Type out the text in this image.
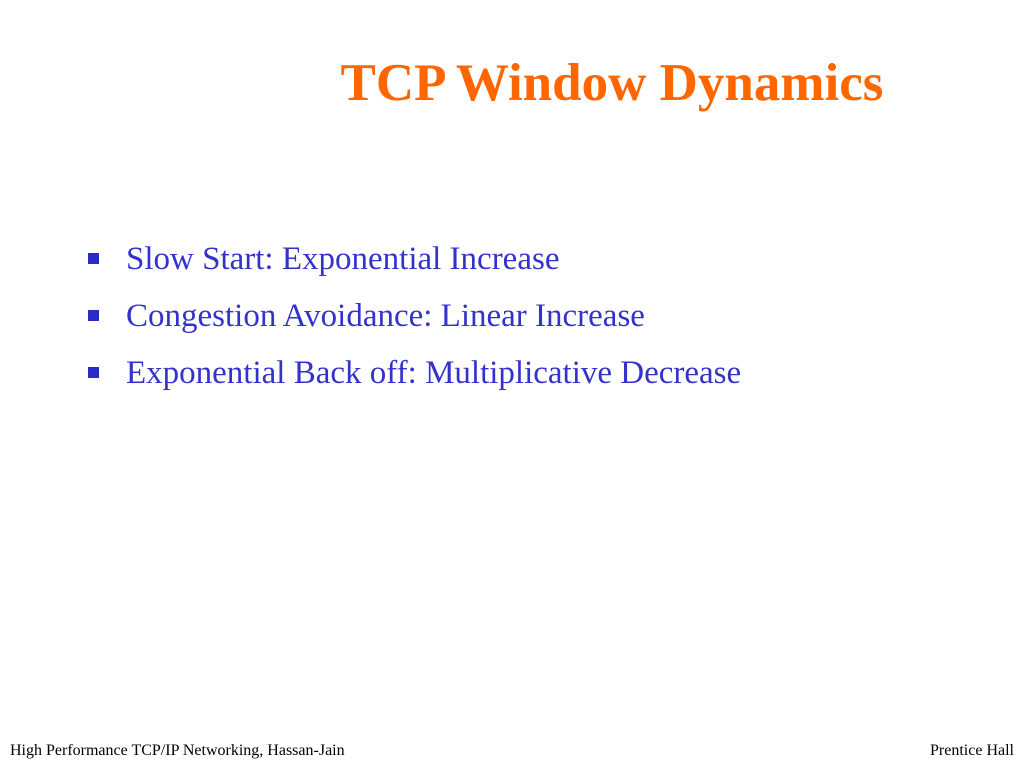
TCP Window Dynamics
Slow Start: Exponential Increase
Congestion Avoidance: Linear Increase
Exponential Back off: Multiplicative Decrease
High Performance TCP/IP Networking, Hassan-Jain	Prentice Hall
